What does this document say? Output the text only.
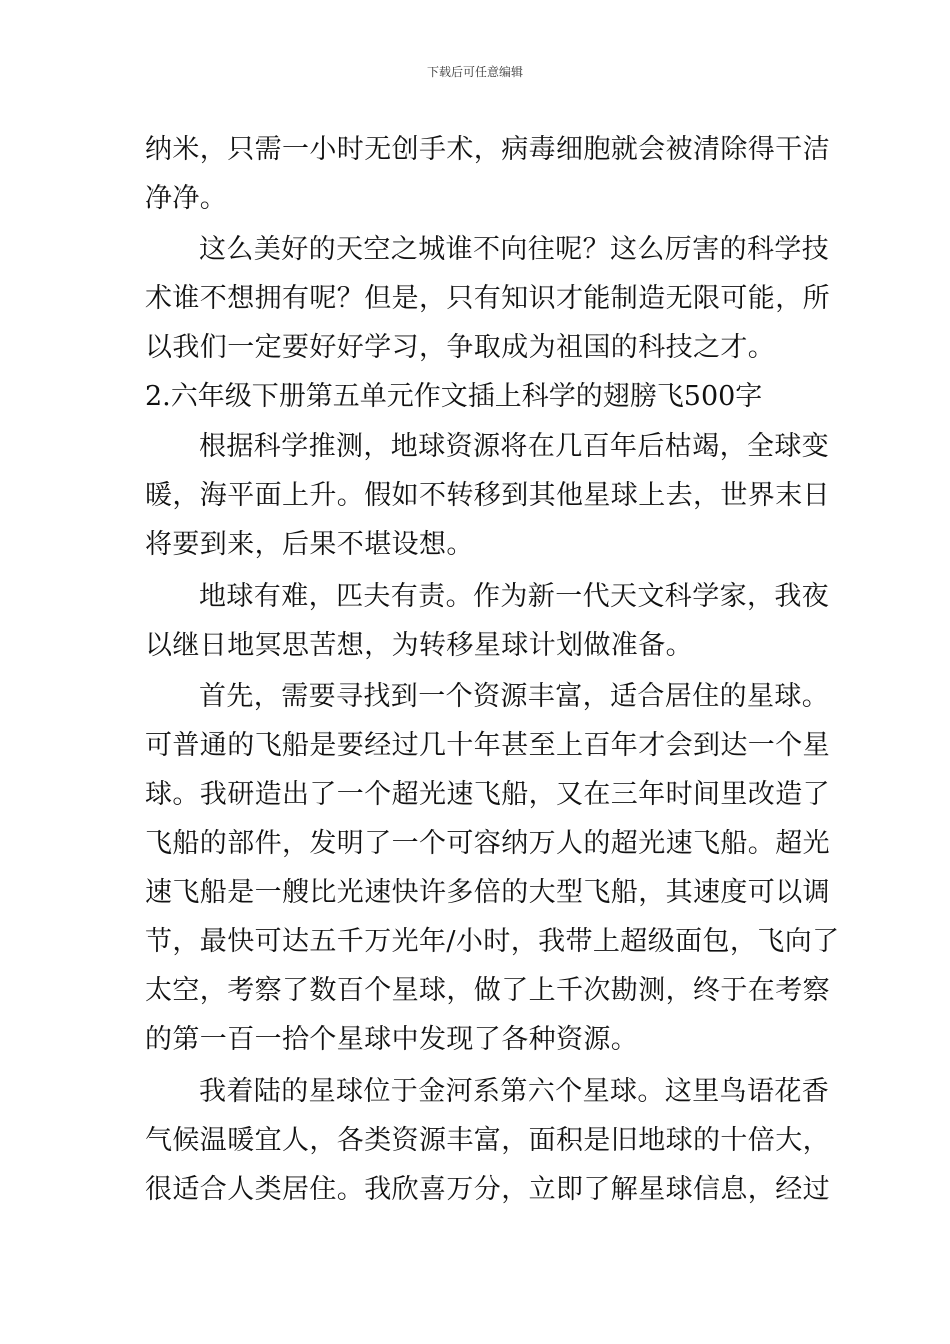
下载后可任意编辑
纳米，只需一小时无创手术，病毒细胞就会被清除得干洁
净净。
这么美好的天空之城谁不向往呢？这么厉害的科学技
术谁不想拥有呢？但是，只有知识才能制造无限可能，所
以我们一定要好好学习，争取成为祖国的科技之才。
2.六年级下册第五单元作文插上科学的翅膀飞500字
根据科学推测，地球资源将在几百年后枯竭，全球变
暖，海平面上升。假如不转移到其他星球上去，世界末日
将要到来，后果不堪设想。
地球有难，匹夫有责。作为新一代天文科学家，我夜
以继日地冥思苦想，为转移星球计划做准备。
首先，需要寻找到一个资源丰富，适合居住的星球。
可普通的飞船是要经过几十年甚至上百年才会到达一个星
球。我研造出了一个超光速飞船，又在三年时间里改造了
飞船的部件，发明了一个可容纳万人的超光速飞船。超光
速飞船是一艘比光速快许多倍的大型飞船，其速度可以调
节，最快可达五千万光年/小时，我带上超级面包，飞向了
太空，考察了数百个星球，做了上千次勘测，终于在考察
的第一百一拾个星球中发现了各种资源。
我着陆的星球位于金河系第六个星球。这里鸟语花香
气候温暖宜人，各类资源丰富，面积是旧地球的十倍大，
很适合人类居住。我欣喜万分，立即了解星球信息，经过
